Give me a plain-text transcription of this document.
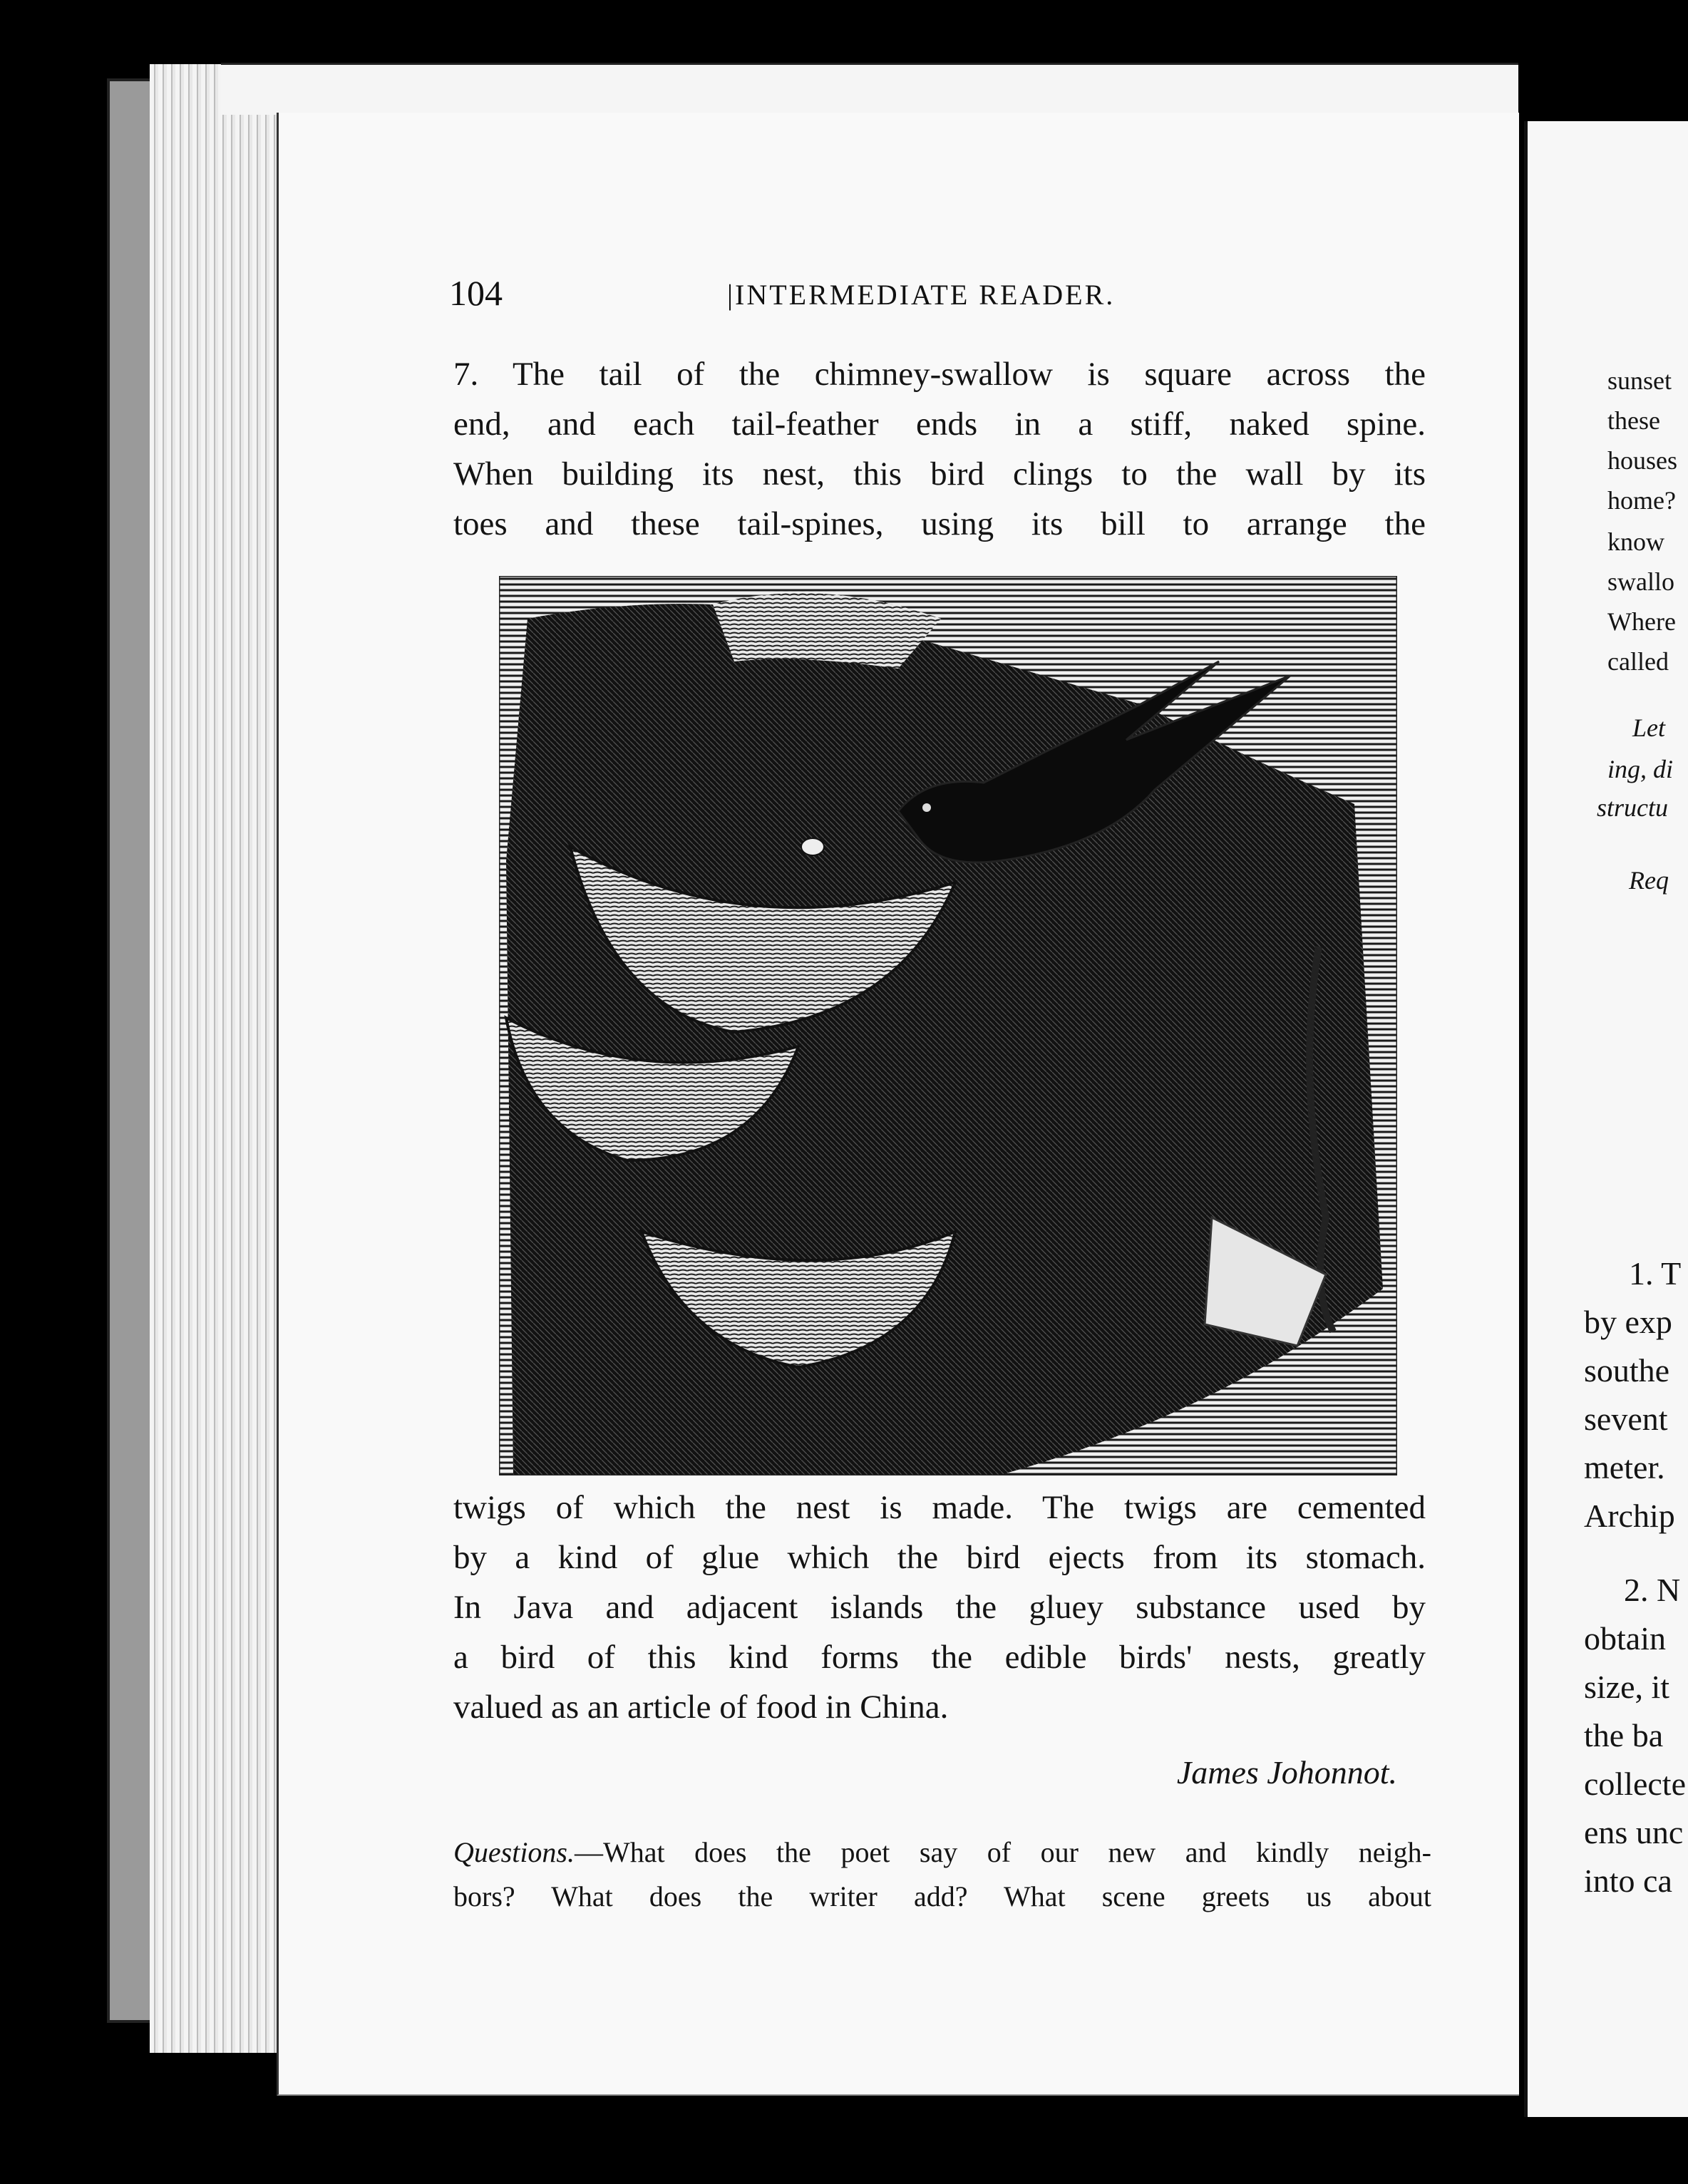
104	|INTERMEDIATE READER.
7. The tail of the chimney-swallow is square across the
end, and each tail-feather ends in a stiff, naked spine.
When building its nest, this bird clings to the wall by its
toes and these tail-spines, using its bill to arrange the
twigs of which the nest is made. The twigs are cemented
by a kind of glue which the bird ejects from its stomach.
In Java and adjacent islands the gluey substance used by
a bird of this kind forms the edible birds' nests, greatly
valued as an article of food in China.
James Johonnot.
Questions.—What does the poet say of our new and kindly neigh-
bors? What does the writer add? What scene greets us about
sunset
these
houses
home?
know
swallo
Where
called
Let
ing, di
structu
Req
1. T
by exp
southe
sevent
meter.
Archip
2. N
obtain
size, it
the ba
collecte
ens unc
into ca
